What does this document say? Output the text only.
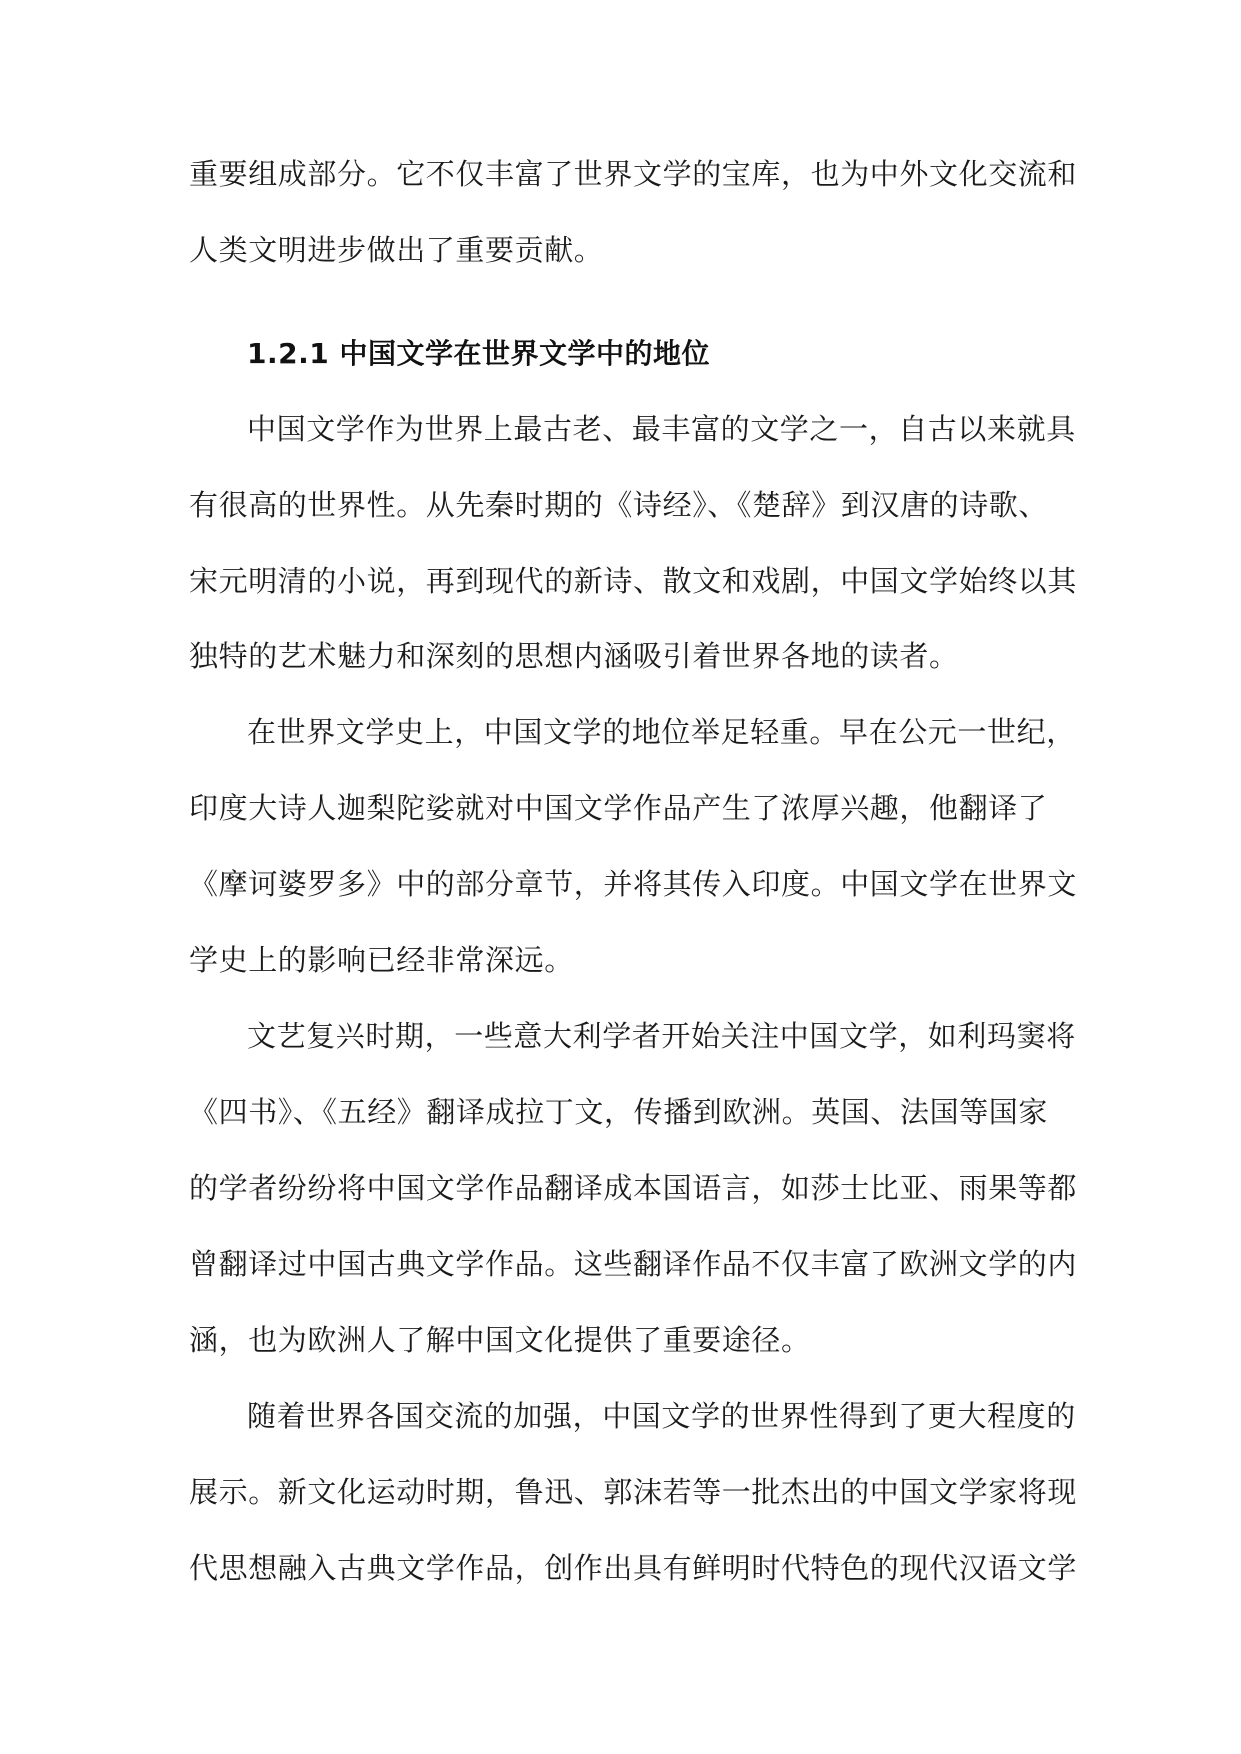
重要组成部分。它不仅丰富了世界文学的宝库，也为中外文化交流和
人类文明进步做出了重要贡献。
1.2.1 中国文学在世界文学中的地位
中国文学作为世界上最古老、最丰富的文学之一，自古以来就具
有很高的世界性。从先秦时期的《诗经》、《楚辞》到汉唐的诗歌、
宋元明清的小说，再到现代的新诗、散文和戏剧，中国文学始终以其
独特的艺术魅力和深刻的思想内涵吸引着世界各地的读者。
在世界文学史上，中国文学的地位举足轻重。早在公元一世纪，
印度大诗人迦梨陀娑就对中国文学作品产生了浓厚兴趣，他翻译了
《摩诃婆罗多》中的部分章节，并将其传入印度。中国文学在世界文
学史上的影响已经非常深远。
文艺复兴时期，一些意大利学者开始关注中国文学，如利玛窦将
《四书》、《五经》翻译成拉丁文，传播到欧洲。英国、法国等国家
的学者纷纷将中国文学作品翻译成本国语言，如莎士比亚、雨果等都
曾翻译过中国古典文学作品。这些翻译作品不仅丰富了欧洲文学的内
涵，也为欧洲人了解中国文化提供了重要途径。
随着世界各国交流的加强，中国文学的世界性得到了更大程度的
展示。新文化运动时期，鲁迅、郭沫若等一批杰出的中国文学家将现
代思想融入古典文学作品，创作出具有鲜明时代特色的现代汉语文学
